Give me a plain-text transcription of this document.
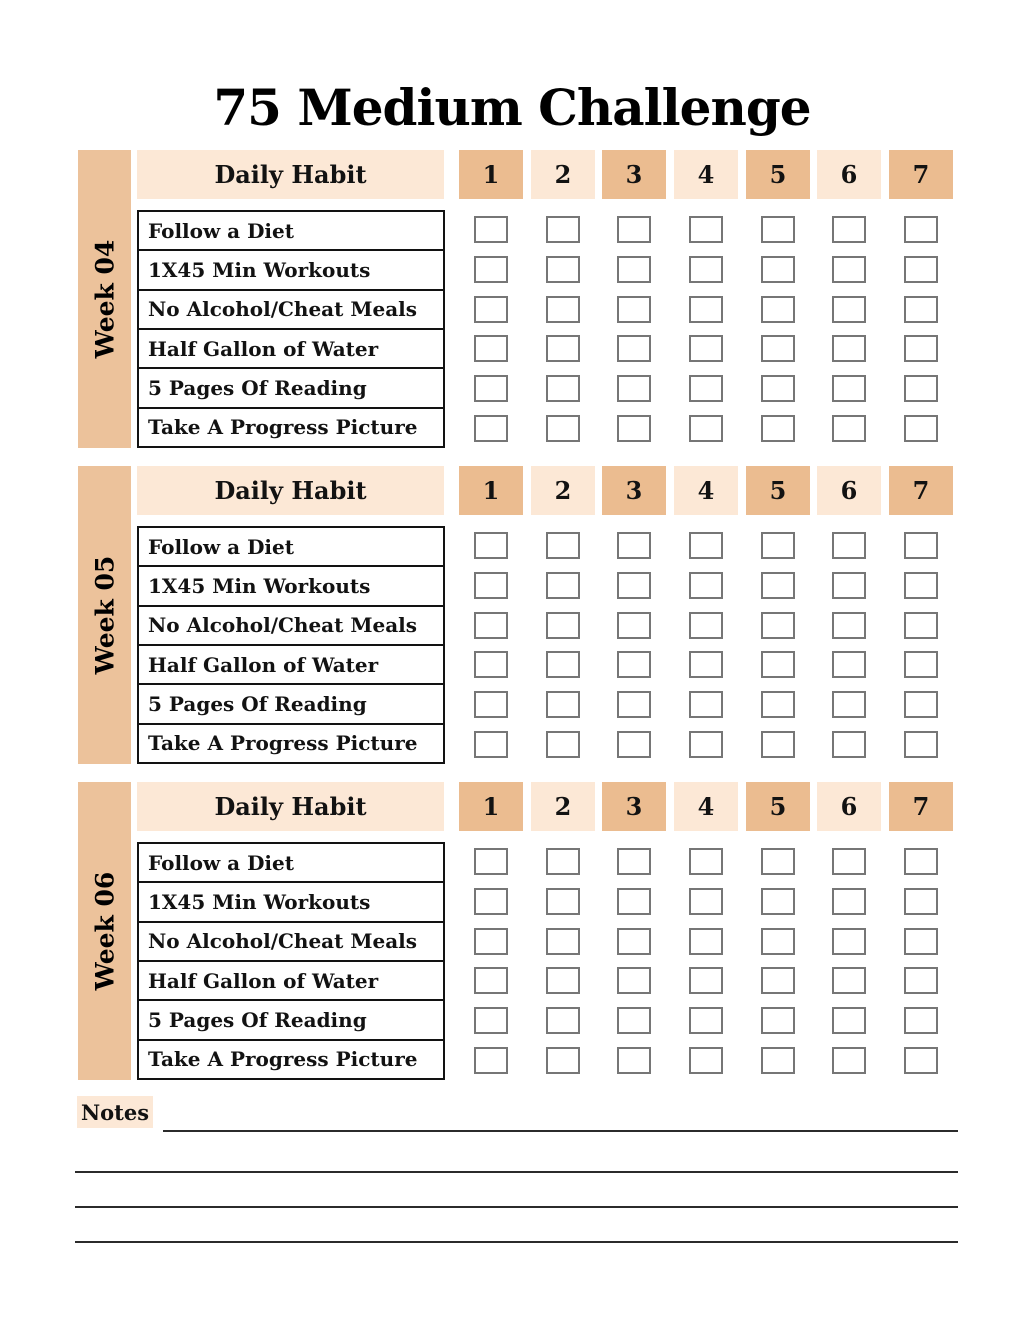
75 Medium Challenge
Week 04
Daily Habit	1	2	3	4	5	6	7
Follow a Diet
1X45 Min Workouts
No Alcohol/Cheat Meals
Half Gallon of Water
5 Pages Of Reading
Take A Progress Picture
Week 05
Daily Habit	1	2	3	4	5	6	7
Follow a Diet
1X45 Min Workouts
No Alcohol/Cheat Meals
Half Gallon of Water
5 Pages Of Reading
Take A Progress Picture
Week 06
Daily Habit	1	2	3	4	5	6	7
Follow a Diet
1X45 Min Workouts
No Alcohol/Cheat Meals
Half Gallon of Water
5 Pages Of Reading
Take A Progress Picture
Notes
